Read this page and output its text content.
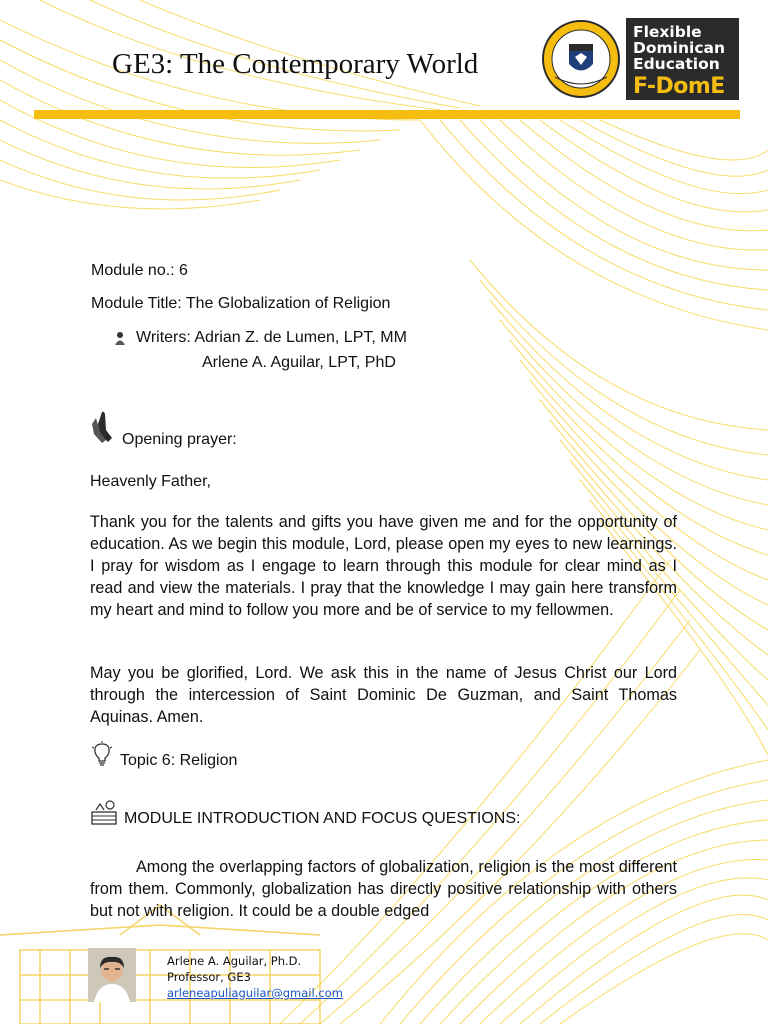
GE3: The Contemporary World
Flexible
Dominican
Education
F-DomE
Module no.: 6
Module Title: The Globalization of Religion
Writers: Adrian Z. de Lumen, LPT, MM
Arlene A. Aguilar, LPT, PhD
Opening prayer:
Heavenly Father,
Thank you for the talents and gifts you have given me and for the opportunity of education. As we begin this module, Lord, please open my eyes to new learnings. I pray for wisdom as I engage to learn through this module for clear mind as I read and view the materials. I pray that the knowledge I may gain here transform my heart and mind to follow you more and be of service to my fellowmen.
May you be glorified, Lord. We ask this in the name of Jesus Christ our Lord through the intercession of Saint Dominic De Guzman, and Saint Thomas Aquinas. Amen.
Topic 6: Religion
MODULE INTRODUCTION AND FOCUS QUESTIONS:
Among the overlapping factors of globalization, religion is the most different from them. Commonly, globalization has directly positive relationship with others but not with religion. It could be a double edged
Arlene A. Aguilar, Ph.D.
Professor, GE3
arleneapuliaguilar@gmail.com
